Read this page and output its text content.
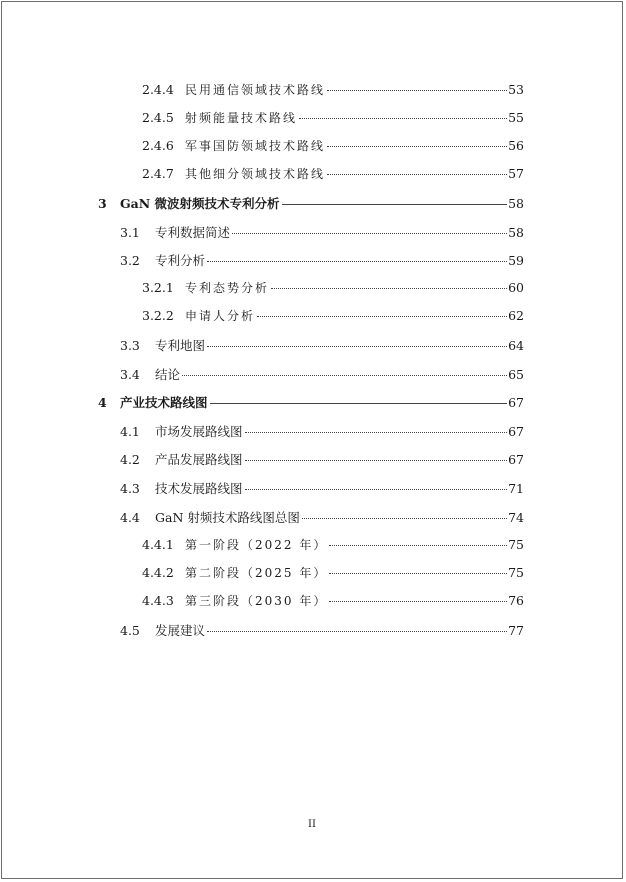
2.4.4 民用通信领域技术路线	53
2.4.5 射频能量技术路线	55
2.4.6 军事国防领域技术路线	56
2.4.7 其他细分领域技术路线	57
3	GaN 微波射频技术专利分析	58
3.1	专利数据简述	58
3.2	专利分析	59
3.2.1 专利态势分析	60
3.2.2 申请人分析	62
3.3	专利地图	64
3.4	结论	65
4	产业技术路线图	67
4.1	市场发展路线图	67
4.2	产品发展路线图	67
4.3	技术发展路线图	71
4.4	GaN 射频技术路线图总图	74
4.4.1 第一阶段（2022 年）	75
4.4.2 第二阶段（2025 年）	75
4.4.3 第三阶段（2030 年）	76
4.5	发展建议	77
II
